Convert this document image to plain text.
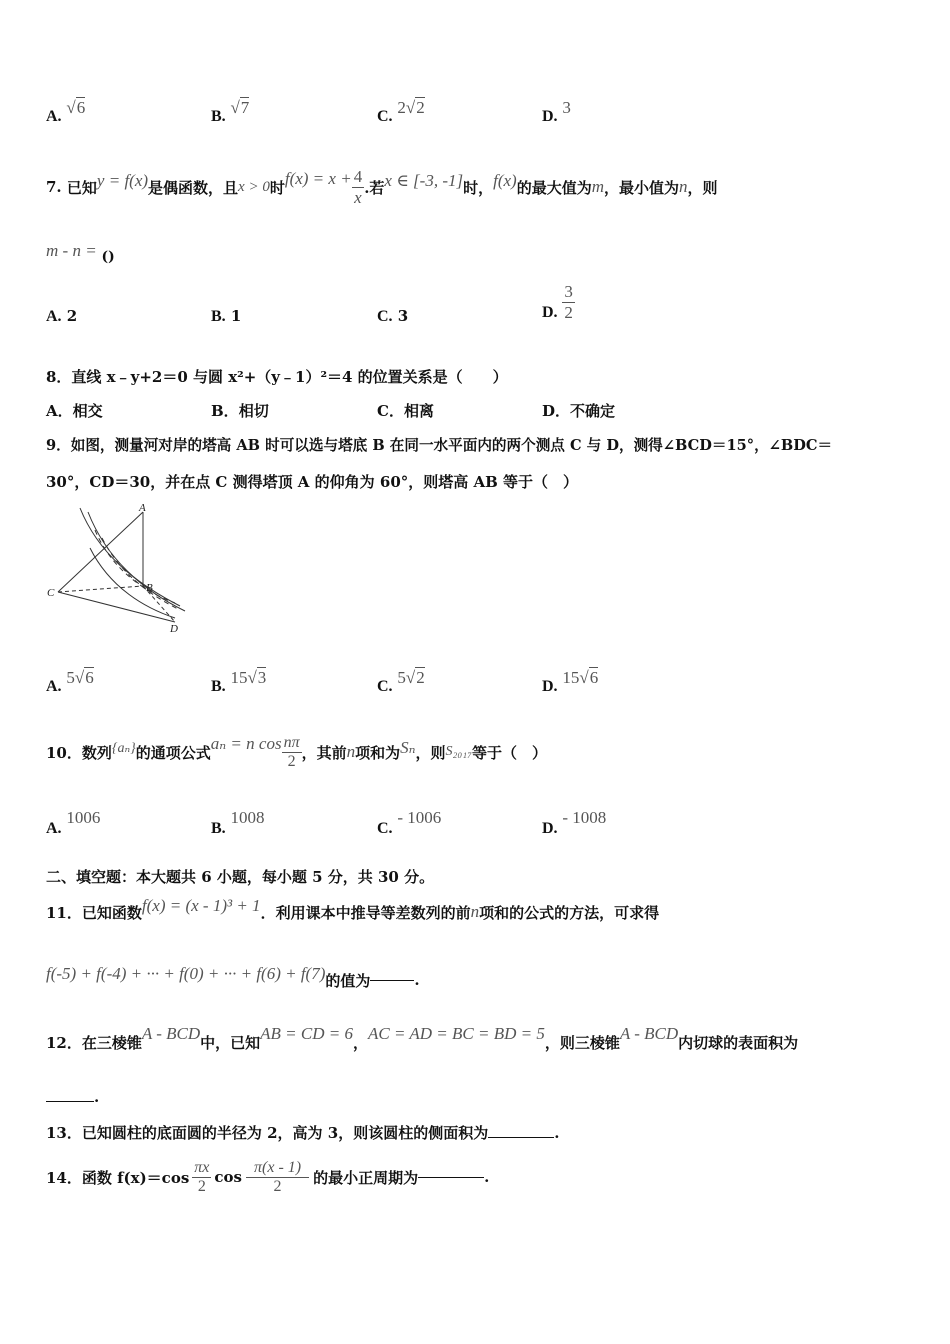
A. √6	B. √7	C. 2√2	D. 3
7.
已知 y = f(x) 是偶函数，且 x > 0 时 $f(x) = x + \frac{4}{x}$ .若 x ∈ [-3, -1] 时， f(x) 的最大值为 m ，最小值为 n ，则
m - n = ()
A. 2	B. 1	C. 3	D.
$\frac{3}{2}$
8．直线 x﹣y+2＝0 与圆 x²+（y﹣1）²＝4 的位置关系是（　　）
A．相交	B．相切	C．相离	D．不确定
9．如图，测量河对岸的塔高 AB 时可以选与塔底 B 在同一水平面内的两个测点 C 与 D，测得∠BCD＝15°，∠BDC＝
30°，CD＝30，并在点 C 测得塔顶 A 的仰角为 60°，则塔高 AB 等于（　）
A
B
C
D
A. 5√6	B. 15√3	C. 5√2	D. 15√6
10． 数列 {aₙ} 的通项公式 aₙ = n $\cos \frac{n\pi}{2}$ ，其前 n 项和为 Sₙ ，则 S₂₀₁₇ 等于（　）
A. 1006
B. 1008
C. - 1006
D. - 1008
二、填空题：本大题共 6 小题，每小题 5 分，共 30 分。
11． 已知函数 f(x) = (x - 1)³ + 1 ．利用课本中推导等差数列的前 n 项和的公式的方法，可求得
f(-5) + f(-4) + ··· + f(0) + ··· + f(6) + f(7) 的值为	.
12． 在三棱锥 A - BCD 中，已知 AB = CD = 6 ， AC = AD = BC = BD = 5 ，则三棱锥 A - BCD 内切球的表面积为
.
13．已知圆柱的底面圆的半径为 2，高为 3，则该圆柱的侧面积为	.
14．函数 $f(x)=\cos \frac{\pi x}{2}$ $\cos \frac{\pi(x - 1)}{2}$ 的最小正周期为	.
